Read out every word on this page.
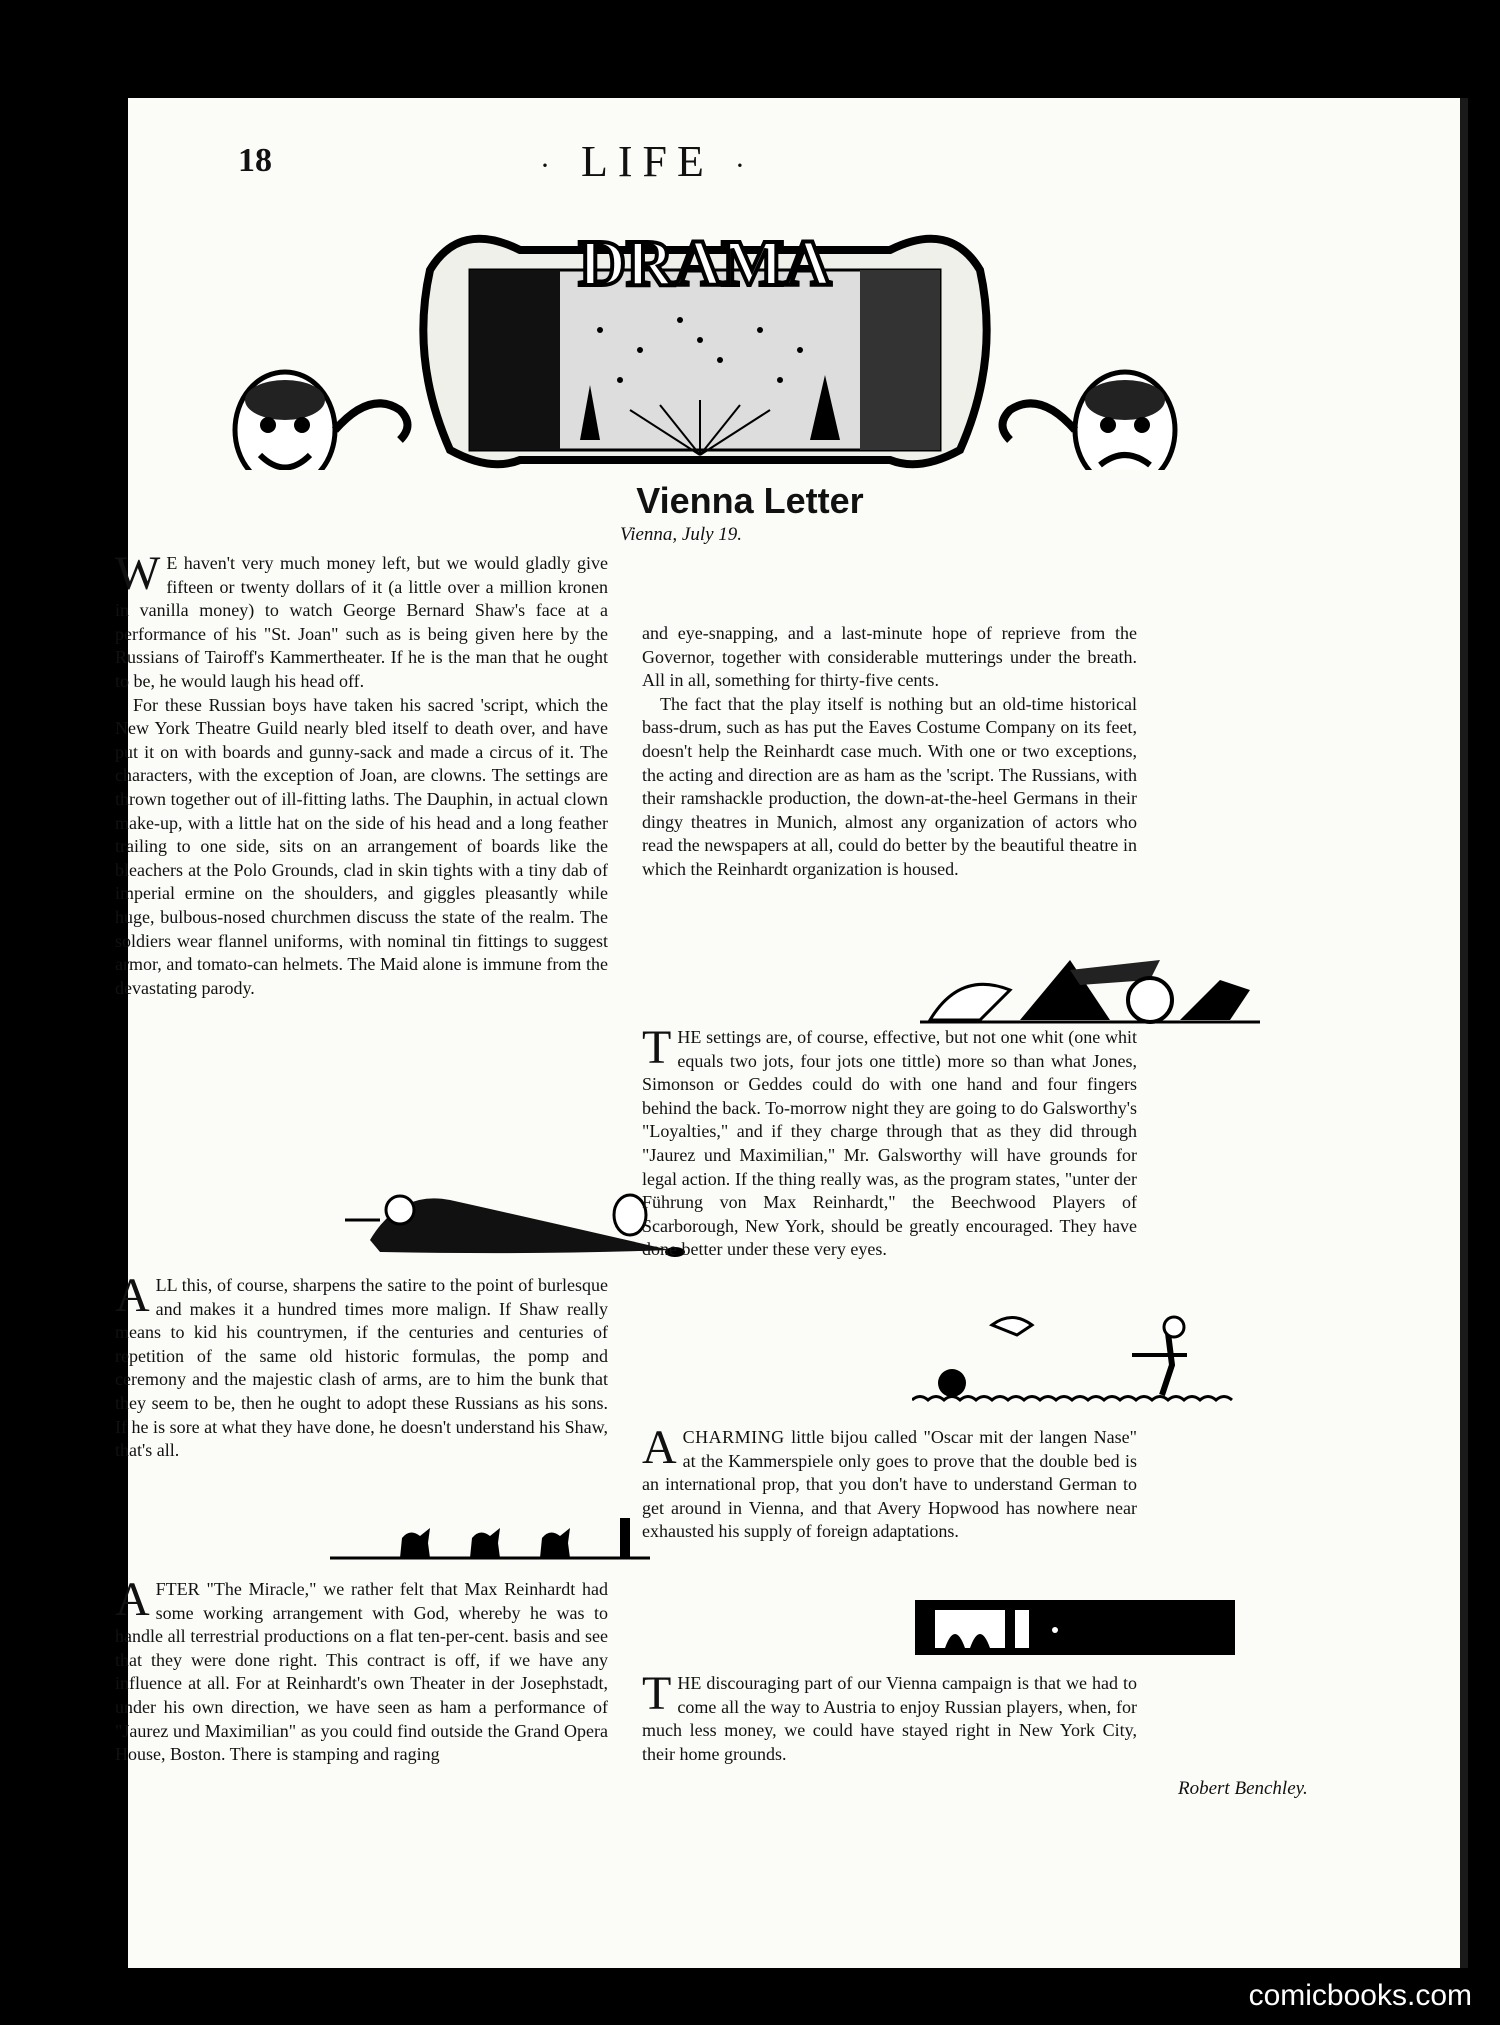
18	· LIFE ·
DRAMA
Vienna Letter
Vienna, July 19.

W E haven't very much money left, but we would gladly give fifteen or twenty dollars of it (a little over a million kronen in vanilla money) to watch George Bernard Shaw's face at a performance of his "St. Joan" such as is being given here by the Russians of Tairoff's Kammertheater. If he is the man that he ought to be, he would laugh his head off.

For these Russian boys have taken his sacred 'script, which the New York Theatre Guild nearly bled itself to death over, and have put it on with boards and gunny-sack and made a circus of it. The characters, with the exception of Joan, are clowns. The settings are thrown together out of ill-fitting laths. The Dauphin, in actual clown make-up, with a little hat on the side of his head and a long feather trailing to one side, sits on an arrangement of boards like the bleachers at the Polo Grounds, clad in skin tights with a tiny dab of imperial ermine on the shoulders, and giggles pleasantly while huge, bulbous-nosed churchmen discuss the state of the realm. The soldiers wear flannel uniforms, with nominal tin fittings to suggest armor, and tomato-can helmets. The Maid alone is immune from the devastating parody.

ALL this, of course, sharpens the satire to the point of burlesque and makes it a hundred times more malign. If Shaw really means to kid his countrymen, if the centuries and centuries of repetition of the same old historic formulas, the pomp and ceremony and the majestic clash of arms, are to him the bunk that they seem to be, then he ought to adopt these Russians as his sons. If he is sore at what they have done, he doesn't understand his Shaw, that's all.

AFTER "The Miracle," we rather felt that Max Reinhardt had some working arrangement with God, whereby he was to handle all terrestrial productions on a flat ten-per-cent. basis and see that they were done right. This contract is off, if we have any influence at all. For at Reinhardt's own Theater in der Josephstadt, under his own direction, we have seen as ham a performance of "Jaurez und Maximilian" as you could find outside the Grand Opera House, Boston. There is stamping and raging

and eye-snapping, and a last-minute hope of reprieve from the Governor, together with considerable mutterings under the breath. All in all, something for thirty-five cents.

The fact that the play itself is nothing but an old-time historical bass-drum, such as has put the Eaves Costume Company on its feet, doesn't help the Reinhardt case much. With one or two exceptions, the acting and direction are as ham as the 'script. The Russians, with their ramshackle production, the down-at-the-heel Germans in their dingy theatres in Munich, almost any organization of actors who read the newspapers at all, could do better by the beautiful theatre in which the Reinhardt organization is housed.

THE settings are, of course, effective, but not one whit (one whit equals two jots, four jots one tittle) more so than what Jones, Simonson or Geddes could do with one hand and four fingers behind the back. To-morrow night they are going to do Galsworthy's "Loyalties," and if they charge through that as they did through "Jaurez und Maximilian," Mr. Galsworthy will have grounds for legal action. If the thing really was, as the program states, "unter der Führung von Max Reinhardt," the Beechwood Players of Scarborough, New York, should be greatly encouraged. They have done better under these very eyes.

ACHARMING little bijou called "Oscar mit der langen Nase" at the Kammerspiele only goes to prove that the double bed is an international prop, that you don't have to understand German to get around in Vienna, and that Avery Hopwood has nowhere near exhausted his supply of foreign adaptations.

THE discouraging part of our Vienna campaign is that we had to come all the way to Austria to enjoy Russian players, when, for much less money, we could have stayed right in New York City, their home grounds.

Robert Benchley.
comicbooks.com
